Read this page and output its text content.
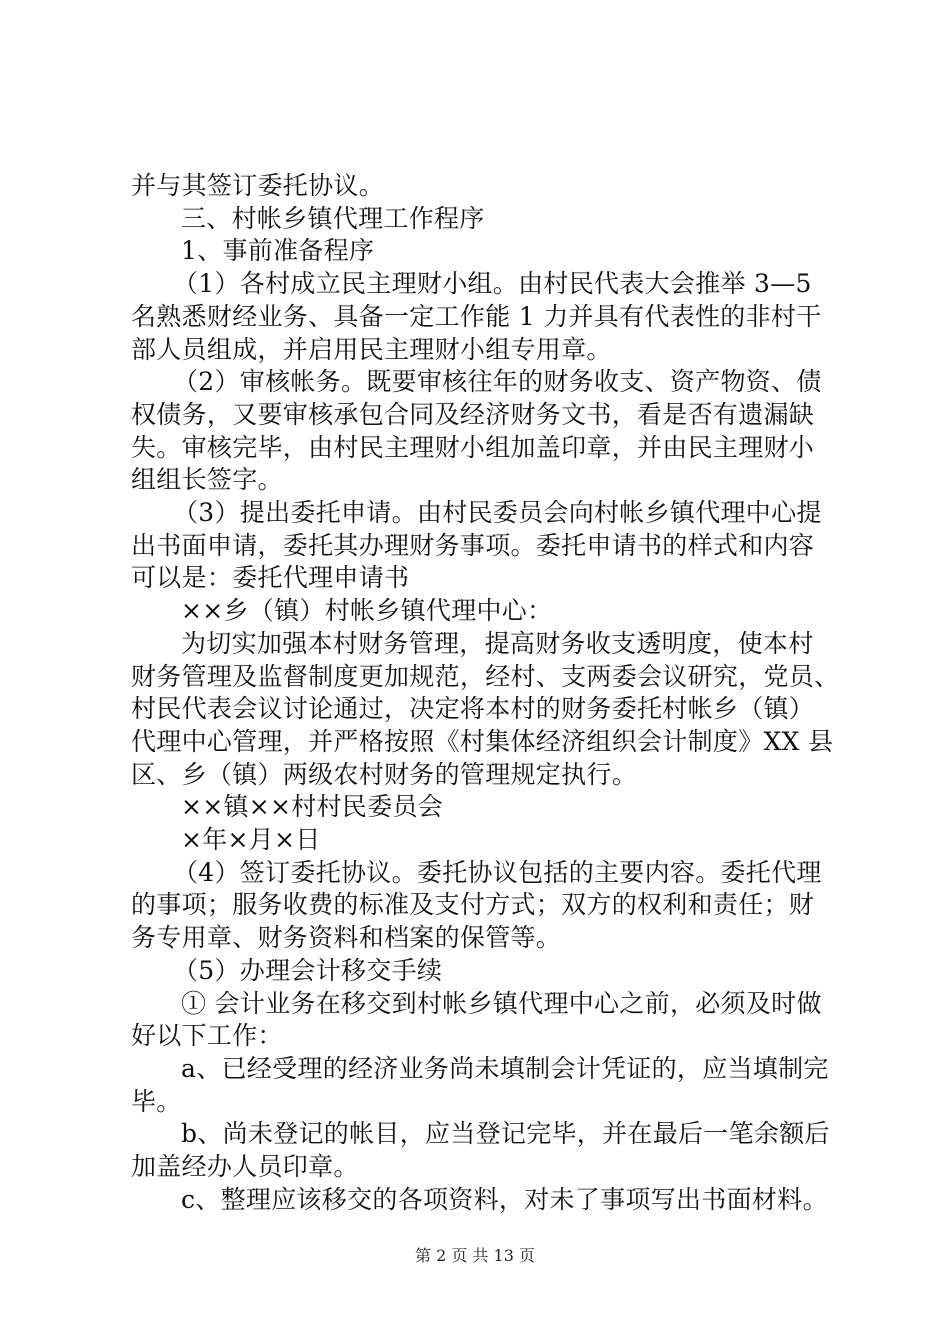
并与其签订委托协议。
三、村帐乡镇代理工作程序
1、事前准备程序
（1）各村成立民主理财小组。由村民代表大会推举 3—5
名熟悉财经业务、具备一定工作能 1 力并具有代表性的非村干
部人员组成，并启用民主理财小组专用章。
（2）审核帐务。既要审核往年的财务收支、资产物资、债
权债务，又要审核承包合同及经济财务文书，看是否有遗漏缺
失。审核完毕，由村民主理财小组加盖印章，并由民主理财小
组组长签字。
（3）提出委托申请。由村民委员会向村帐乡镇代理中心提
出书面申请，委托其办理财务事项。委托申请书的样式和内容
可以是：委托代理申请书
××乡（镇）村帐乡镇代理中心：
为切实加强本村财务管理，提高财务收支透明度，使本村
财务管理及监督制度更加规范，经村、支两委会议研究，党员、
村民代表会议讨论通过，决定将本村的财务委托村帐乡（镇）
代理中心管理，并严格按照《村集体经济组织会计制度》XX 县
区、乡（镇）两级农村财务的管理规定执行。
××镇××村村民委员会
×年×月×日
（4）签订委托协议。委托协议包括的主要内容。委托代理
的事项；服务收费的标准及支付方式；双方的权利和责任；财
务专用章、财务资料和档案的保管等。
（5）办理会计移交手续
① 会计业务在移交到村帐乡镇代理中心之前，必须及时做
好以下工作：
a、已经受理的经济业务尚未填制会计凭证的，应当填制完
毕。
b、尚未登记的帐目，应当登记完毕，并在最后一笔余额后
加盖经办人员印章。
c、整理应该移交的各项资料，对未了事项写出书面材料。
第 2 页 共 13 页
